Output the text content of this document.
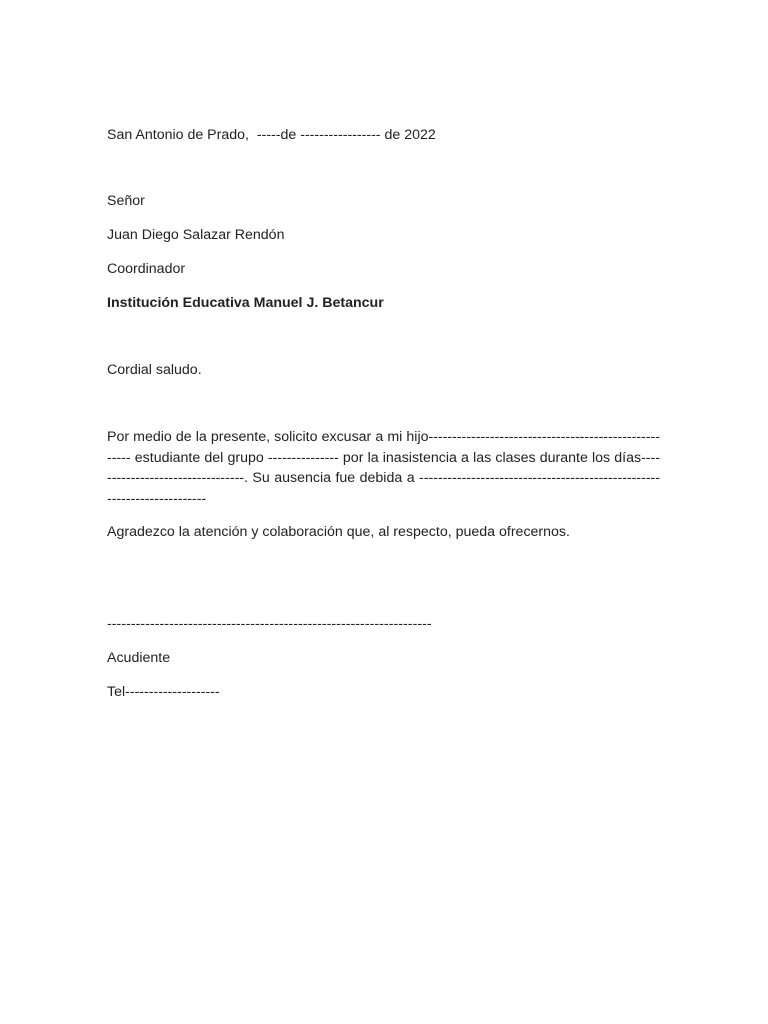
San Antonio de Prado,  -----de ----------------- de 2022

Señor

Juan Diego Salazar Rendón

Coordinador

Institución Educativa Manuel J. Betancur

Cordial saludo.

Por medio de la presente, solicito excusar a mi hijo------------------------------------------------------ estudiante del grupo --------------- por la inasistencia a las clases durante los días---------------------------------. Su ausencia fue debida a ------------------------------------------------------------------------

Agradezco la atención y colaboración que, al respecto, pueda ofrecernos.

--------------------------------------------------------------------

Acudiente

Tel--------------------
